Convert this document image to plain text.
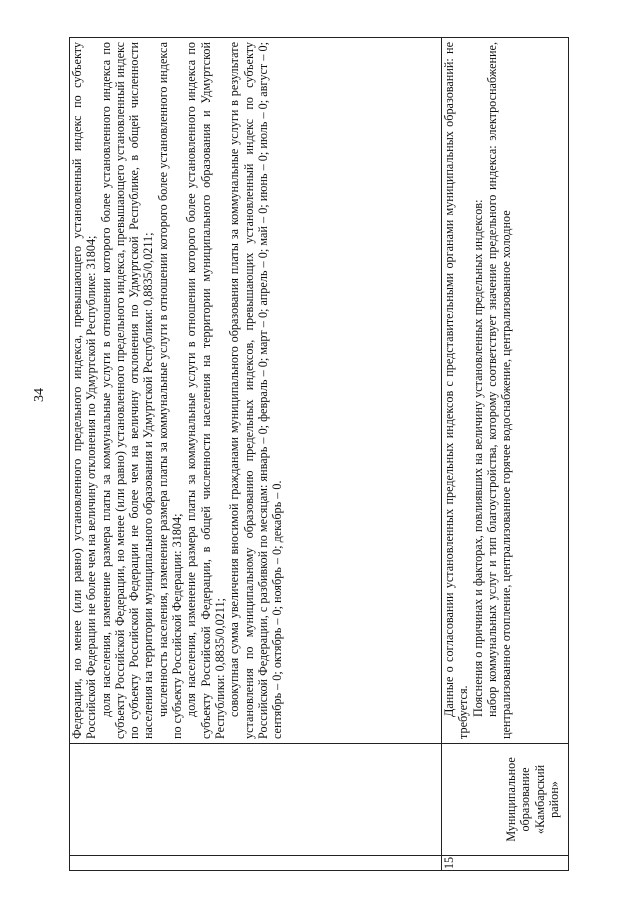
34

		Федерации, но менее (или равно) установленного предельного индекса, превышающего установленный индекс по субъекту Российской Федерации не более чем на величину отклонения по Удмуртской Республике: 31804; доля населения, изменение размера платы за коммунальные услуги в отношении которого более установленного индекса по субъекту Российской Федерации, но менее (или равно) установленного предельного индекса, превышающего установленный индекс по субъекту Российской Федерации не более чем на величину отклонения по Удмуртской Республике, в общей численности населения на территории муниципального образования и Удмуртской Республики: 0,8835/0,0211; численность населения, изменение размера платы за коммунальные услуги в отношении которого более установленного индекса по субъекту Российской Федерации: 31804; доля населения, изменение размера платы за коммунальные услуги в отношении которого более установленного индекса по субъекту Российской Федерации, в общей численности населения на территории муниципального образования и Удмуртской Республики: 0,8835/0,0211; совокупная сумма увеличения вносимой гражданами муниципального образования платы за коммунальные услуги в результате установления по муниципальному образованию предельных индексов, превышающих установленный индекс по субъекту Российской Федерации, с разбивкой по месяцам: январь – 0; февраль – 0; март – 0; апрель – 0; май – 0; июнь – 0; июль – 0; август – 0; сентябрь – 0; октябрь – 0; ноябрь – 0; декабрь – 0.

15	Муниципальное образование «Камбарский район»	Данные о согласовании установленных предельных индексов с представительными органами муниципальных образований: не требуется. Пояснения о причинах и факторах, повлиявших на величину установленных предельных индексов: набор коммунальных услуг и тип благоустройства, которому соответствует значение предельного индекса: электроснабжение, централизованное отопление, централизованное горячее водоснабжение, централизованное холодное
